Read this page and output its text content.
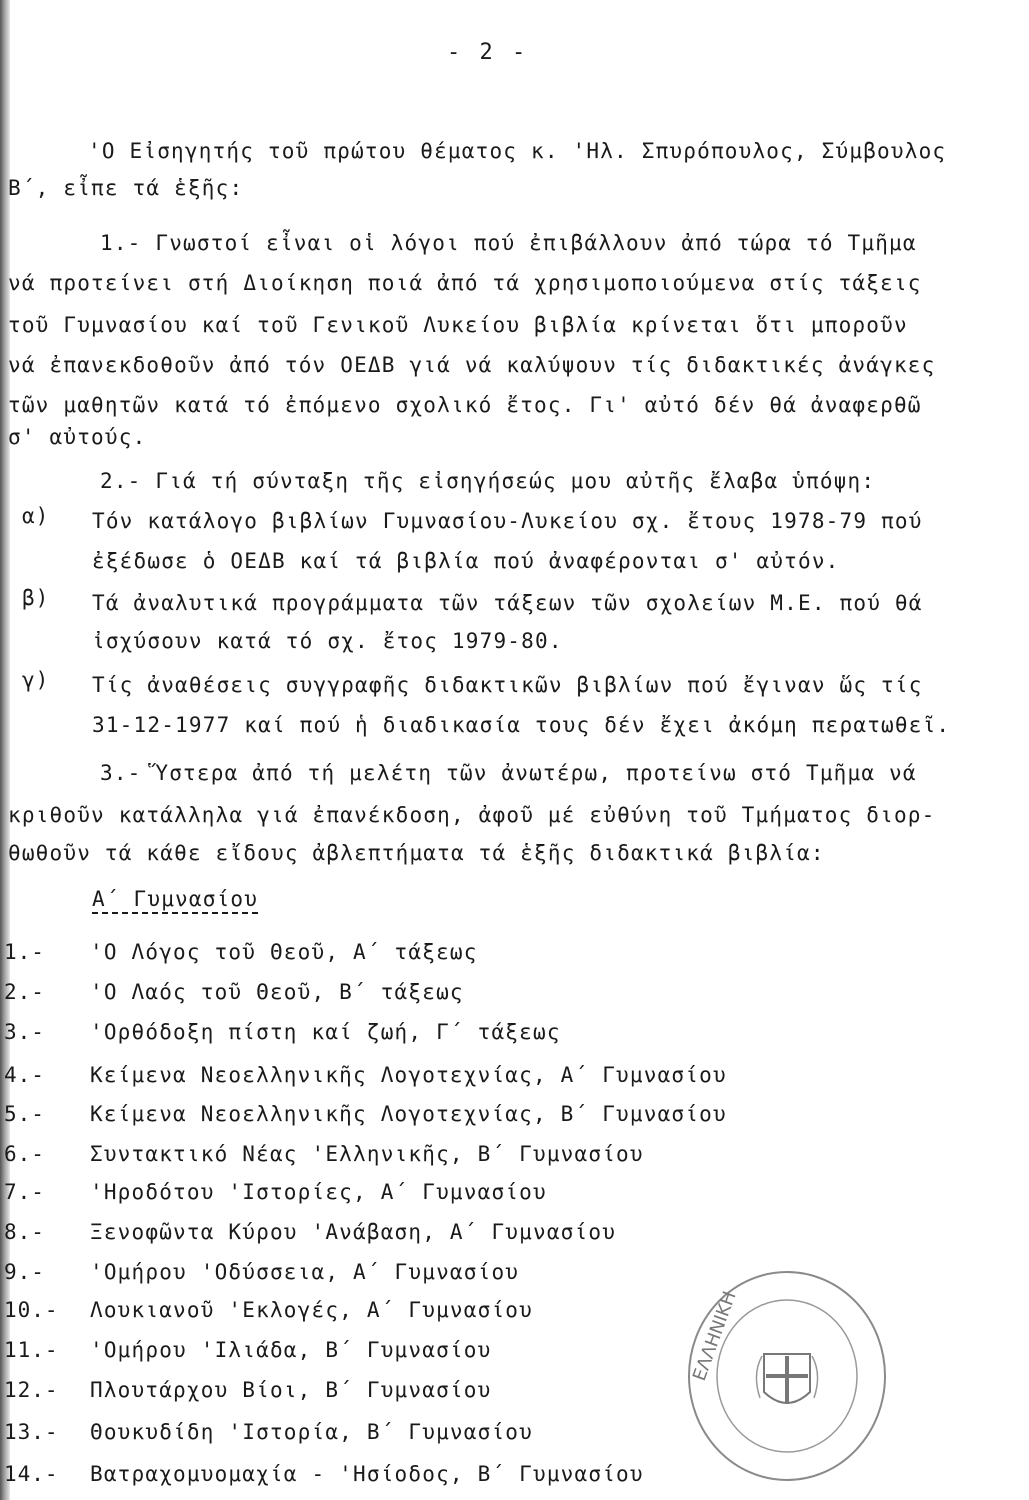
- 2 -
'Ο Εἰσηγητής τοῦ πρώτου θέματος κ. 'Ηλ. Σπυρόπουλος, Σύμβουλος
Β΄, εἶπε τά ἑξῆς:
1.- Γνωστοί εἶναι οἱ λόγοι πού ἐπιβάλλουν ἀπό τώρα τό Τμῆμα
νά προτείνει στή Διοίκηση ποιά ἀπό τά χρησιμοποιούμενα στίς τάξεις
τοῦ Γυμνασίου καί τοῦ Γενικοῦ Λυκείου βιβλία κρίνεται ὅτι μποροῦν
νά ἐπανεκδοθοῦν ἀπό τόν ΟΕΔΒ γιά νά καλύψουν τίς διδακτικές ἀνάγκες
τῶν μαθητῶν κατά τό ἐπόμενο σχολικό ἔτος. Γι' αὐτό δέν θά ἀναφερθῶ
σ' αὐτούς.
2.- Γιά τή σύνταξη τῆς εἰσηγήσεώς μου αὐτῆς ἔλαβα ὑπόψη:
α) Τόν κατάλογο βιβλίων Γυμνασίου-Λυκείου σχ. ἔτους 1978-79 πού
ἐξέδωσε ὁ ΟΕΔΒ καί τά βιβλία πού ἀναφέρονται σ' αὐτόν.
β) Τά ἀναλυτικά προγράμματα τῶν τάξεων τῶν σχολείων Μ.Ε. πού θά
ἰσχύσουν κατά τό σχ. ἔτος 1979-80.
γ) Τίς ἀναθέσεις συγγραφῆς διδακτικῶν βιβλίων πού ἔγιναν ὥς τίς
31-12-1977 καί πού ἡ διαδικασία τους δέν ἔχει ἀκόμη περατωθεῖ.
3.- Ὕστερα ἀπό τή μελέτη τῶν ἀνωτέρω, προτείνω στό Τμῆμα νά
κριθοῦν κατάλληλα γιά ἐπανέκδοση, ἀφοῦ μέ εὐθύνη τοῦ Τμήματος διορ-
θωθοῦν τά κάθε εἴδους ἀβλεπτήματα τά ἑξῆς διδακτικά βιβλία:
Α΄ Γυμνασίου
1.- 'Ο Λόγος τοῦ Θεοῦ, Α΄ τάξεως
2.- 'Ο Λαός τοῦ Θεοῦ, Β΄ τάξεως
3.- 'Ορθόδοξη πίστη καί ζωή, Γ΄ τάξεως
4.- Κείμενα Νεοελληνικῆς Λογοτεχνίας, Α΄ Γυμνασίου
5.- Κείμενα Νεοελληνικῆς Λογοτεχνίας, Β΄ Γυμνασίου
6.- Συντακτικό Νέας 'Ελληνικῆς, Β΄ Γυμνασίου
7.- 'Ηροδότου 'Ιστορίες, Α΄ Γυμνασίου
8.- Ξενοφῶντα Κύρου 'Ανάβαση, Α΄ Γυμνασίου
9.- 'Ομήρου 'Οδύσσεια, Α΄ Γυμνασίου
10.- Λουκιανοῦ 'Εκλογές, Α΄ Γυμνασίου
11.- 'Ομήρου 'Ιλιάδα, Β΄ Γυμνασίου
12.- Πλουτάρχου Βίοι, Β΄ Γυμνασίου
13.- Θουκυδίδη 'Ιστορία, Β΄ Γυμνασίου
14.- Βατραχομυομαχία - 'Ησίοδος, Β΄ Γυμνασίου
ΕΛΛΗΝΙΚΗ
